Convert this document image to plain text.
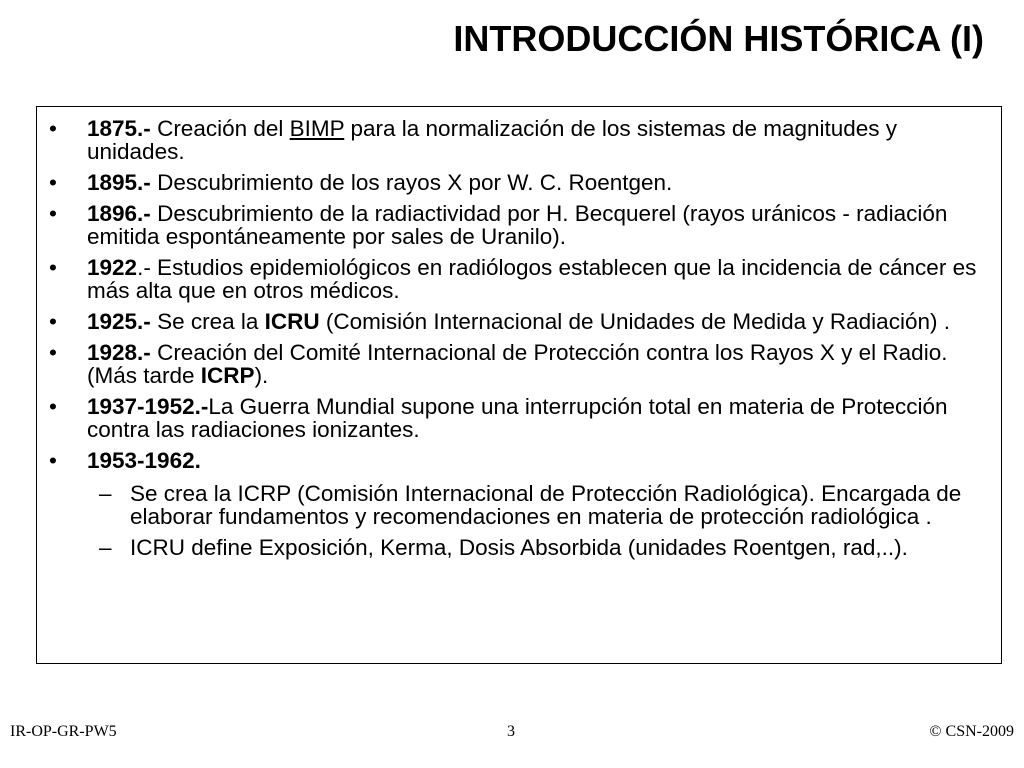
INTRODUCCIÓN HISTÓRICA (I)
• 1875.- Creación del BIMP para la normalización de los sistemas de magnitudes y unidades.
• 1895.- Descubrimiento de los rayos X por W. C. Roentgen.
• 1896.- Descubrimiento de la radiactividad por H. Becquerel (rayos uránicos - radiación emitida espontáneamente por sales de Uranilo).
• 1922.- Estudios epidemiológicos en radiólogos establecen que la incidencia de cáncer es más alta que en otros médicos.
• 1925.- Se crea la ICRU (Comisión Internacional de Unidades de Medida y Radiación) .
• 1928.- Creación del Comité Internacional de Protección contra los Rayos X y el Radio. (Más tarde ICRP).
• 1937-1952.-La Guerra Mundial supone una interrupción total en materia de Protección contra las radiaciones ionizantes.
• 1953-1962.
– Se crea la ICRP (Comisión Internacional de Protección Radiológica). Encargada de elaborar fundamentos y recomendaciones en materia de protección radiológica .
– ICRU define Exposición, Kerma, Dosis Absorbida (unidades Roentgen, rad,..).
IR-OP-GR-PW5	3	© CSN-2009
